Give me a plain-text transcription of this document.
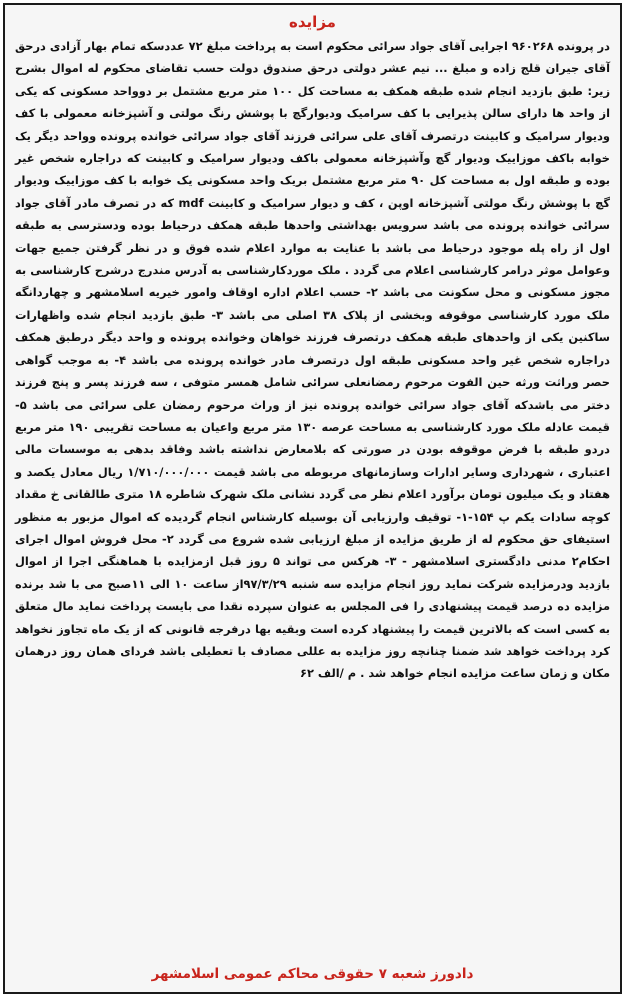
مزایده

در پرونده ۹۶۰۲۶۸ اجرایی آقای جواد سرائی محکوم است به پرداخت مبلغ ۷۲ عددسکه تمام بهار آزادی درحق آقای جیران قلج زاده و مبلغ ... نیم عشر دولتی درحق صندوق دولت حسب تقاضای محکوم له اموال بشرح زیر: طبق بازدید انجام شده طبقه همکف به مساحت کل ۱۰۰ متر مربع مشتمل بر دوواحد مسکونی که یکی از واحد ها دارای سالن پذیرایی با کف سرامیک ودیوارگچ با پوشش رنگ مولتی و آشپزخانه معمولی با کف ودیوار سرامیک و کابینت درتصرف آقای علی سرائی فرزند آقای جواد سرائی خوانده پرونده وواحد دیگر یک خوابه باکف موزاییک ودیوار گچ وآشپزخانه معمولی باکف ودیوار سرامیک و کابینت که دراجاره شخص غیر بوده و طبقه اول به مساحت کل ۹۰ متر مربع مشتمل بریک واحد مسکونی یک خوابه با کف موزاییک ودیوار گچ با پوشش رنگ مولتی آشپزخانه اوپن ، کف و دیوار سرامیک و کابینت mdf که در تصرف مادر آقای جواد سرائی خوانده پرونده می باشد سرویس بهداشتی واحدها طبقه همکف درحیاط بوده ودسترسی به طبقه اول از راه پله موجود درحیاط می باشد با عنایت به موارد اعلام شده فوق و در نظر گرفتن جمیع جهات وعوامل موثر درامر کارشناسی اعلام می گردد . ملک موردکارشناسی به آدرس مندرج درشرح کارشناسی به مجوز مسکونی و محل سکونت می باشد ۲- حسب اعلام اداره اوقاف وامور خیریه اسلامشهر و چهاردانگه ملک مورد کارشناسی موقوفه وبخشی از پلاک ۳۸ اصلی می باشد ۳- طبق بازدید انجام شده واظهارات ساکنین یکی از واحدهای طبقه همکف درتصرف فرزند خواهان وخوانده پرونده و واحد دیگر درطبق همکف دراجاره شخص غیر واحد مسکونی طبقه اول درتصرف مادر خوانده پرونده می باشد ۴- به موجب گواهی حصر وراثت ورثه حین الفوت مرحوم رمضانعلی سرائی شامل همسر متوفی ، سه فرزند پسر و پنج فرزند دختر می باشدکه آقای جواد سرائی خوانده پرونده نیز از وراث مرحوم رمضان علی سرائی می باشد ۵- قیمت عادله ملک مورد کارشناسی به مساحت عرصه ۱۳۰ متر مربع واعیان به مساحت تقریبی ۱۹۰ متر مربع دردو طبقه با فرض موقوفه بودن در صورتی که بلامعارض نداشته باشد وفاقد بدهی به موسسات مالی اعتباری ، شهرداری وسایر ادارات وسازمانهای مربوطه می باشد قیمت ۱/۷۱۰/۰۰۰/۰۰۰ ریال معادل یکصد و هفتاد و یک میلیون تومان برآورد اعلام نظر می گردد نشانی ملک شهرک شاطره ۱۸ متری طالقانی خ مقداد کوچه سادات یکم پ ۱۵۴-۱- توقیف وارزیابی آن بوسیله کارشناس انجام گردیده که اموال مزبور به منظور استیفای حق محکوم له از طریق مزایده از مبلغ ارزیابی شده شروع می گردد ۲- محل فروش اموال اجرای احکام۲ مدنی دادگستری اسلامشهر - ۳- هرکس می تواند ۵ روز قبل ازمزایده با هماهنگی اجرا از اموال بازدید ودرمزایده شرکت نماید روز انجام مزایده سه شنبه ۹۷/۳/۲۹از ساعت ۱۰ الی ۱۱صبح می با شد برنده مزایده ده درصد قیمت پیشنهادی را فی المجلس به عنوان سپرده نقدا می بایست پرداخت نماید مال متعلق به کسی است که بالاترین قیمت را پیشنهاد کرده است وبقیه بها درفرجه قانونی که از یک ماه تجاوز نخواهد کرد پرداخت خواهد شد ضمنا چنانچه روز مزایده به عللی مصادف با تعطیلی باشد فردای همان روز درهمان مکان و زمان ساعت مزایده انجام خواهد شد . م /الف ۶۲

دادورز شعبه ۷ حقوقی محاکم عمومی اسلامشهر
